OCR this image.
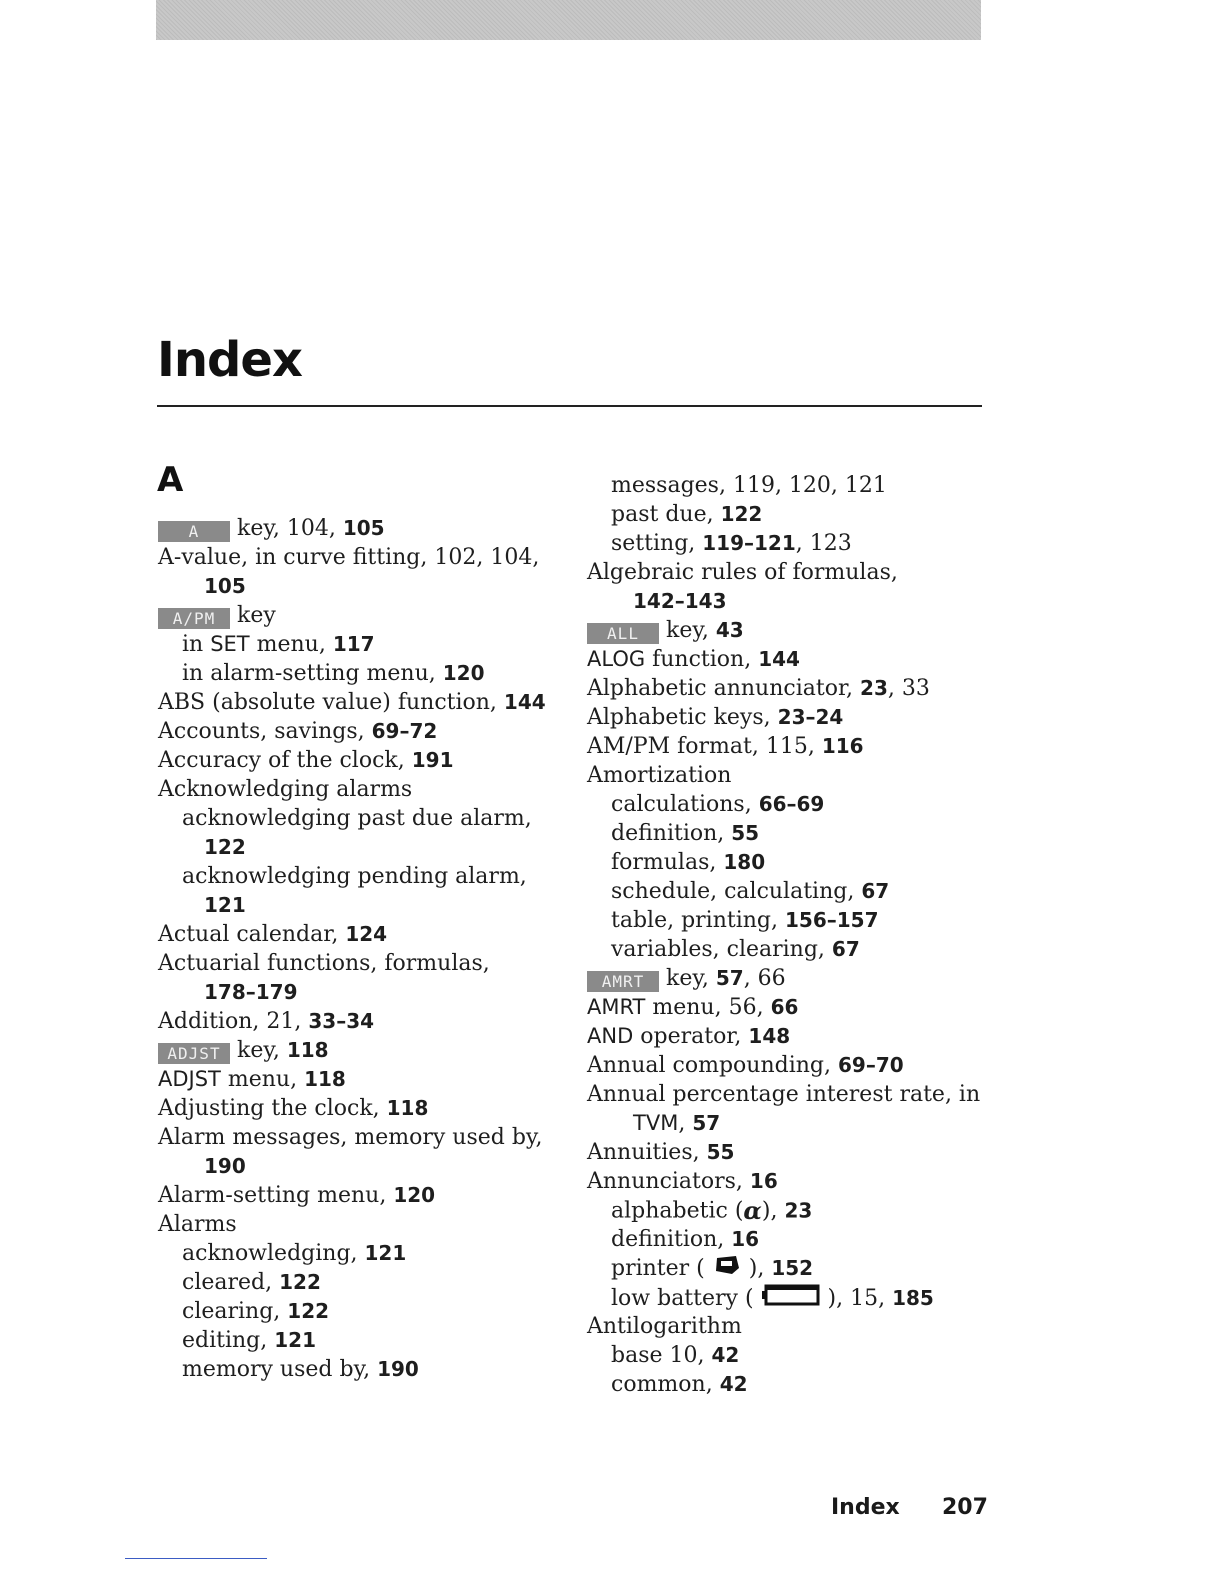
Index
A
A key, 104, 105
A-value, in curve fitting, 102, 104,
105
A/PM key
in SET menu, 117
in alarm-setting menu, 120
ABS (absolute value) function, 144
Accounts, savings, 69–72
Accuracy of the clock, 191
Acknowledging alarms
acknowledging past due alarm,
122
acknowledging pending alarm,
121
Actual calendar, 124
Actuarial functions, formulas,
178–179
Addition, 21, 33–34
ADJST key, 118
ADJST menu, 118
Adjusting the clock, 118
Alarm messages, memory used by,
190
Alarm-setting menu, 120
Alarms
acknowledging, 121
cleared, 122
clearing, 122
editing, 121
memory used by, 190
messages, 119, 120, 121
past due, 122
setting, 119–121, 123
Algebraic rules of formulas,
142–143
ALL key, 43
ALOG function, 144
Alphabetic annunciator, 23, 33
Alphabetic keys, 23–24
AM/PM format, 115, 116
Amortization
calculations, 66–69
definition, 55
formulas, 180
schedule, calculating, 67
table, printing, 156–157
variables, clearing, 67
AMRT key, 57, 66
AMRT menu, 56, 66
AND operator, 148
Annual compounding, 69–70
Annual percentage interest rate, in
TVM, 57
Annuities, 55
Annunciators, 16
alphabetic (α), 23
definition, 16
printer (  ), 152
low battery (	), 15, 185
Antilogarithm
base 10, 42
common, 42
Index 207
